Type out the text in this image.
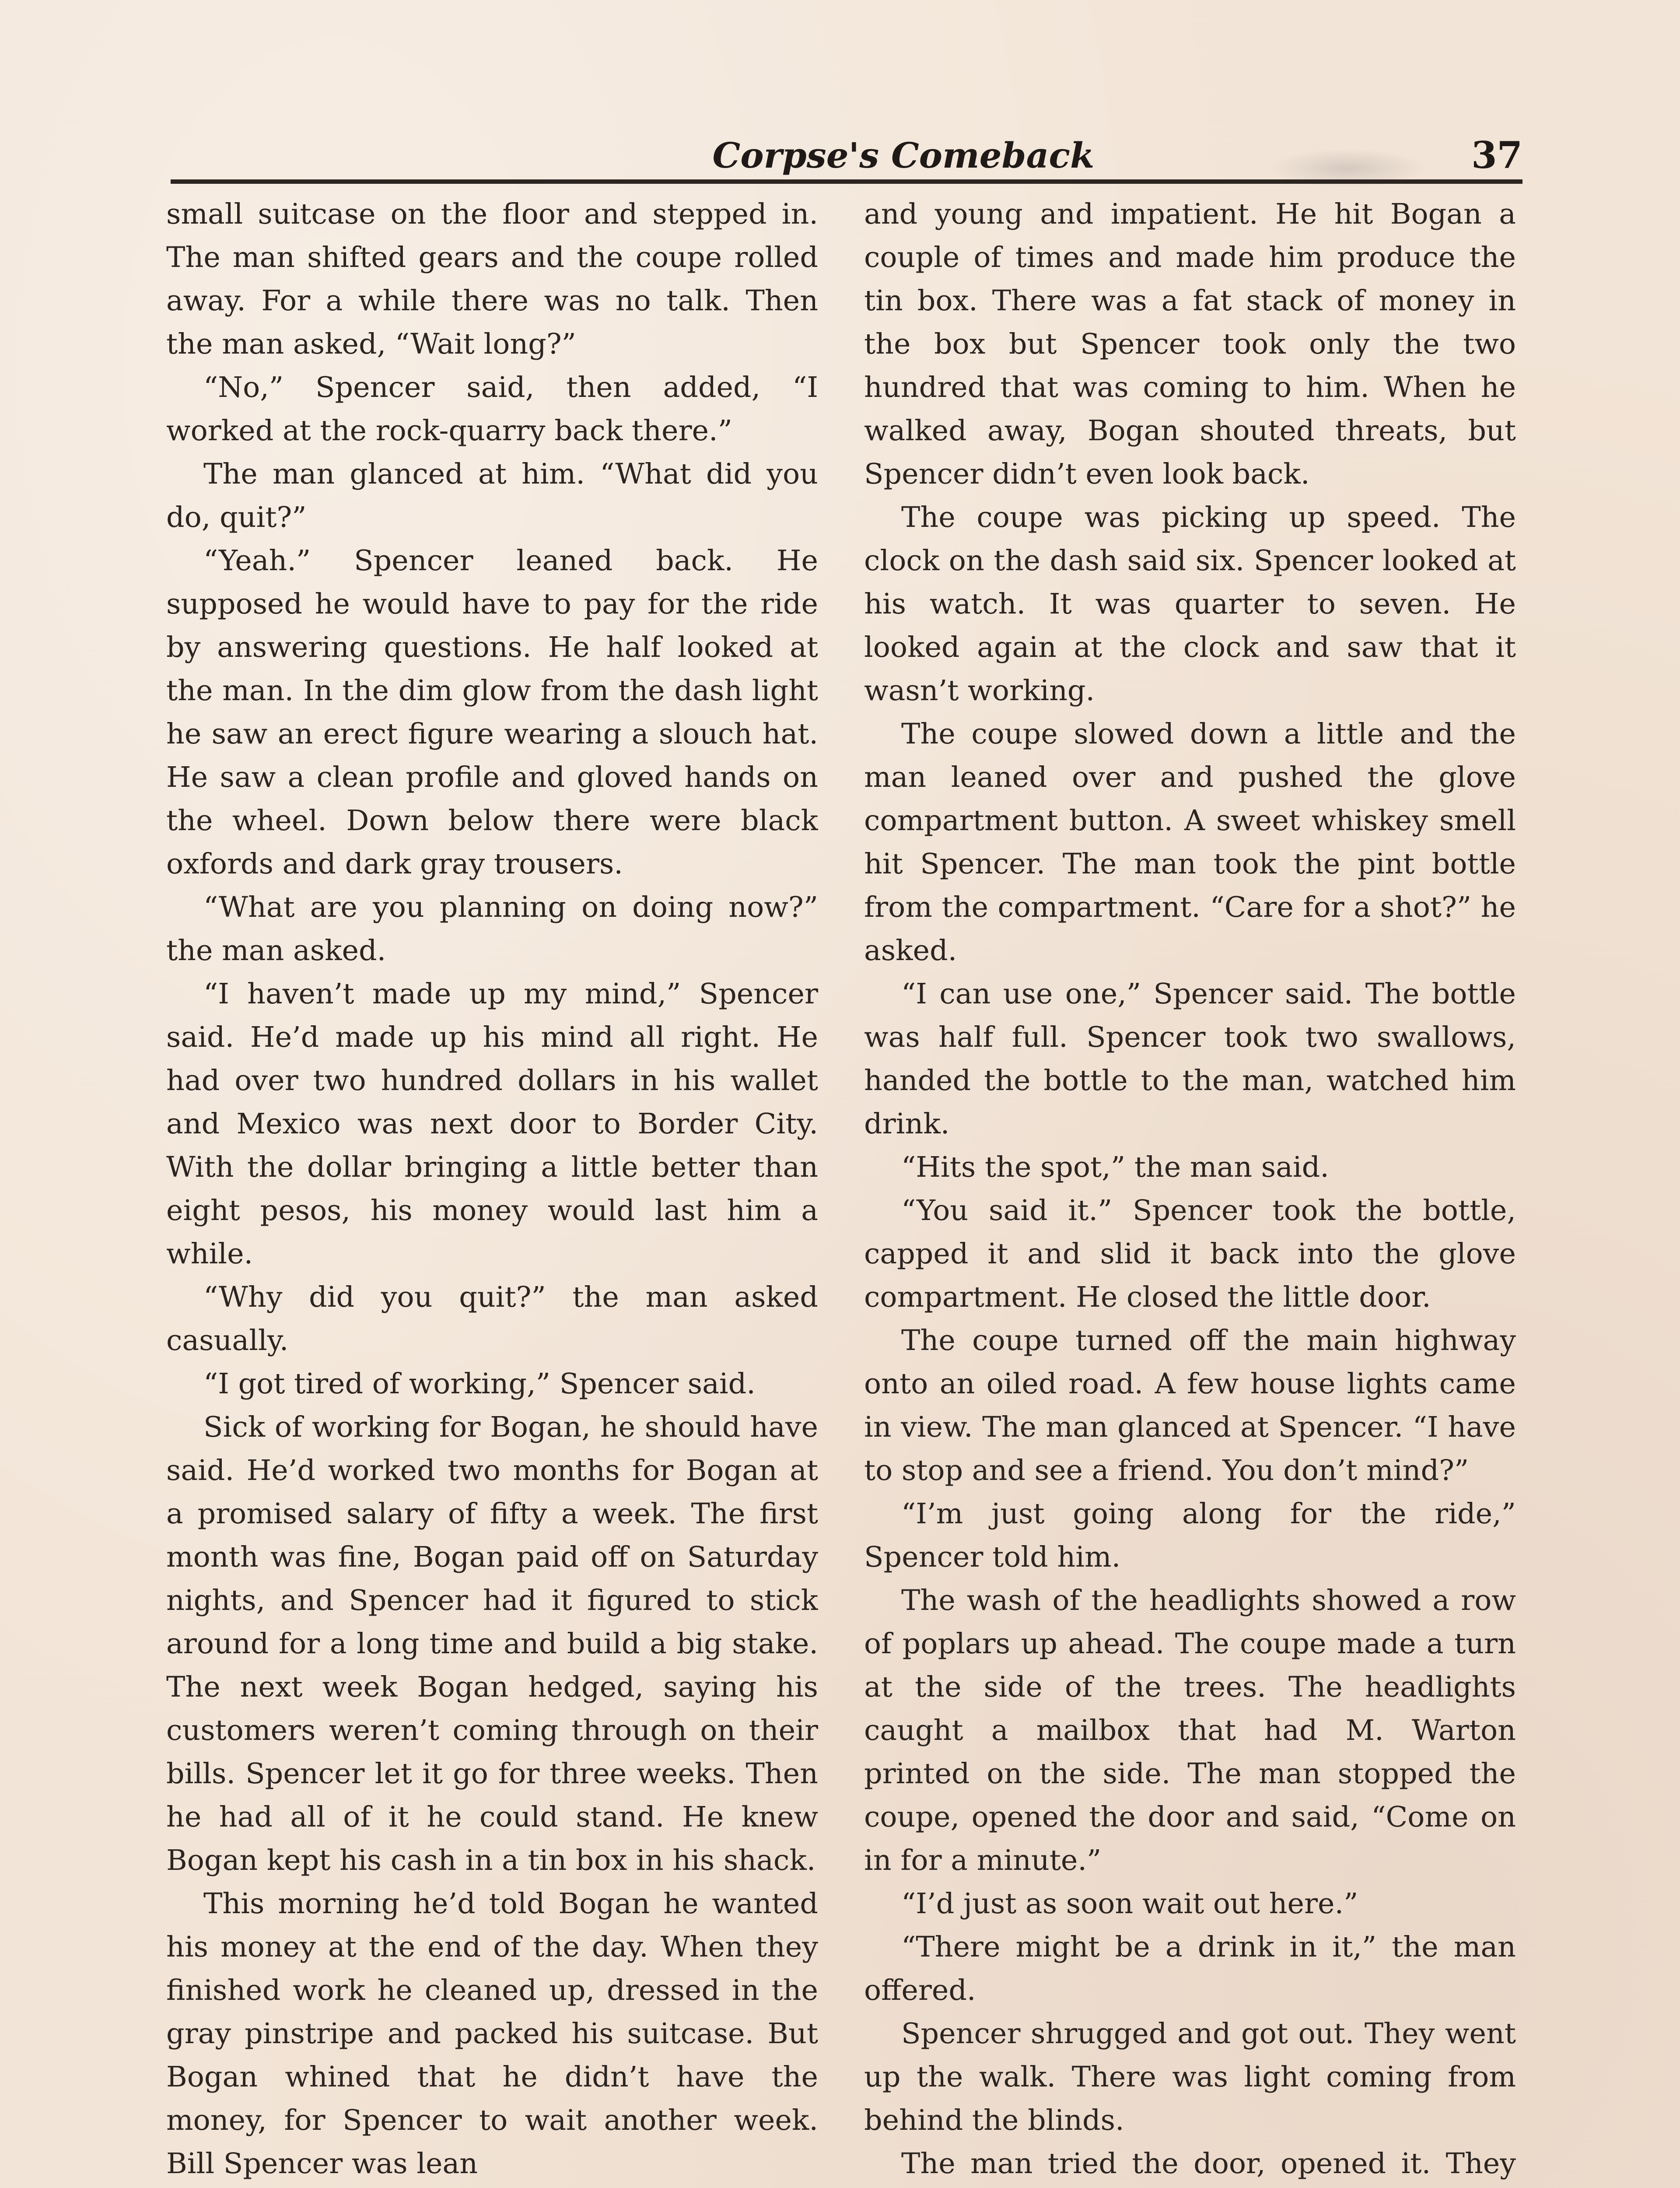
Corpse's Comeback	37

small suitcase on the floor and stepped in. The man shifted gears and the coupe rolled away. For a while there was no talk. Then the man asked, “Wait long?”

“No,” Spencer said, then added, “I worked at the rock-quarry back there.”

The man glanced at him. “What did you do, quit?”

“Yeah.” Spencer leaned back. He supposed he would have to pay for the ride by answering questions. He half looked at the man. In the dim glow from the dash light he saw an erect figure wearing a slouch hat. He saw a clean profile and gloved hands on the wheel. Down below there were black oxfords and dark gray trousers.

“What are you planning on doing now?” the man asked.

“I haven’t made up my mind,” Spencer said. He’d made up his mind all right. He had over two hundred dollars in his wallet and Mexico was next door to Border City. With the dollar bringing a little better than eight pesos, his money would last him a while.

“Why did you quit?” the man asked casually.

“I got tired of working,” Spencer said.

Sick of working for Bogan, he should have said. He’d worked two months for Bogan at a promised salary of fifty a week. The first month was fine, Bogan paid off on Saturday nights, and Spencer had it figured to stick around for a long time and build a big stake. The next week Bogan hedged, saying his customers weren’t coming through on their bills. Spencer let it go for three weeks. Then he had all of it he could stand. He knew Bogan kept his cash in a tin box in his shack.

This morning he’d told Bogan he wanted his money at the end of the day. When they finished work he cleaned up, dressed in the gray pinstripe and packed his suitcase. But Bogan whined that he didn’t have the money, for Spencer to wait another week. Bill Spencer was lean

and young and impatient. He hit Bogan a couple of times and made him produce the tin box. There was a fat stack of money in the box but Spencer took only the two hundred that was coming to him. When he walked away, Bogan shouted threats, but Spencer didn’t even look back.

The coupe was picking up speed. The clock on the dash said six. Spencer looked at his watch. It was quarter to seven. He looked again at the clock and saw that it wasn’t working.

The coupe slowed down a little and the man leaned over and pushed the glove compartment button. A sweet whiskey smell hit Spencer. The man took the pint bottle from the compartment. “Care for a shot?” he asked.

“I can use one,” Spencer said. The bottle was half full. Spencer took two swallows, handed the bottle to the man, watched him drink.

“Hits the spot,” the man said.

“You said it.” Spencer took the bottle, capped it and slid it back into the glove compartment. He closed the little door.

The coupe turned off the main highway onto an oiled road. A few house lights came in view. The man glanced at Spencer. “I have to stop and see a friend. You don’t mind?”

“I’m just going along for the ride,” Spencer told him.

The wash of the headlights showed a row of poplars up ahead. The coupe made a turn at the side of the trees. The headlights caught a mailbox that had M. Warton printed on the side. The man stopped the coupe, opened the door and said, “Come on in for a minute.”

“I’d just as soon wait out here.”

“There might be a drink in it,” the man offered.

Spencer shrugged and got out. They went up the walk. There was light coming from behind the blinds.

The man tried the door, opened it. They
